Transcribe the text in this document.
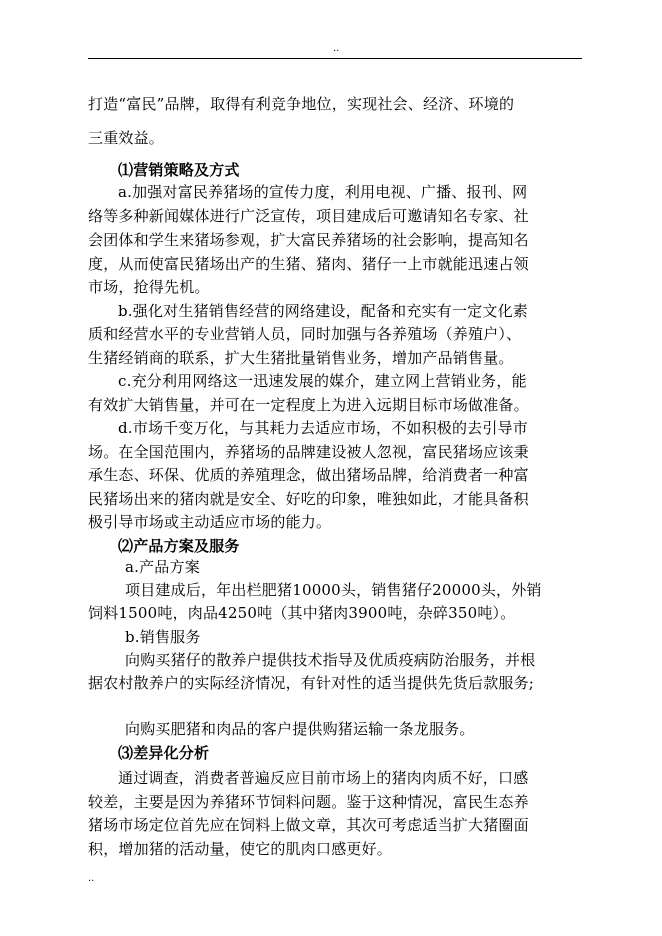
..
打造“富民”品牌，取得有利竞争地位，实现社会、经济、环境的
三重效益。
⑴营销策略及方式
a.加强对富民养猪场的宣传力度，利用电视、广播、报刊、网
络等多种新闻媒体进行广泛宣传，项目建成后可邀请知名专家、社
会团体和学生来猪场参观，扩大富民养猪场的社会影响，提高知名
度，从而使富民猪场出产的生猪、猪肉、猪仔一上市就能迅速占领
市场，抢得先机。
b.强化对生猪销售经营的网络建设，配备和充实有一定文化素
质和经营水平的专业营销人员，同时加强与各养殖场（养殖户）、
生猪经销商的联系，扩大生猪批量销售业务，增加产品销售量。
c.充分利用网络这一迅速发展的媒介，建立网上营销业务，能
有效扩大销售量，并可在一定程度上为进入远期目标市场做准备。
d.市场千变万化，与其耗力去适应市场，不如积极的去引导市
场。在全国范围内，养猪场的品牌建设被人忽视，富民猪场应该秉
承生态、环保、优质的养殖理念，做出猪场品牌，给消费者一种富
民猪场出来的猪肉就是安全、好吃的印象，唯独如此，才能具备积
极引导市场或主动适应市场的能力。
⑵产品方案及服务
a.产品方案
项目建成后，年出栏肥猪10000头，销售猪仔20000头，外销
饲料1500吨，肉品4250吨（其中猪肉3900吨，杂碎350吨）。
b.销售服务
向购买猪仔的散养户提供技术指导及优质疫病防治服务，并根
据农村散养户的实际经济情况，有针对性的适当提供先货后款服务;
向购买肥猪和肉品的客户提供购猪运输一条龙服务。
⑶差异化分析
通过调查，消费者普遍反应目前市场上的猪肉肉质不好，口感
较差，主要是因为养猪环节饲料问题。鉴于这种情况，富民生态养
猪场市场定位首先应在饲料上做文章，其次可考虑适当扩大猪圈面
积，增加猪的活动量，使它的肌肉口感更好。
..
